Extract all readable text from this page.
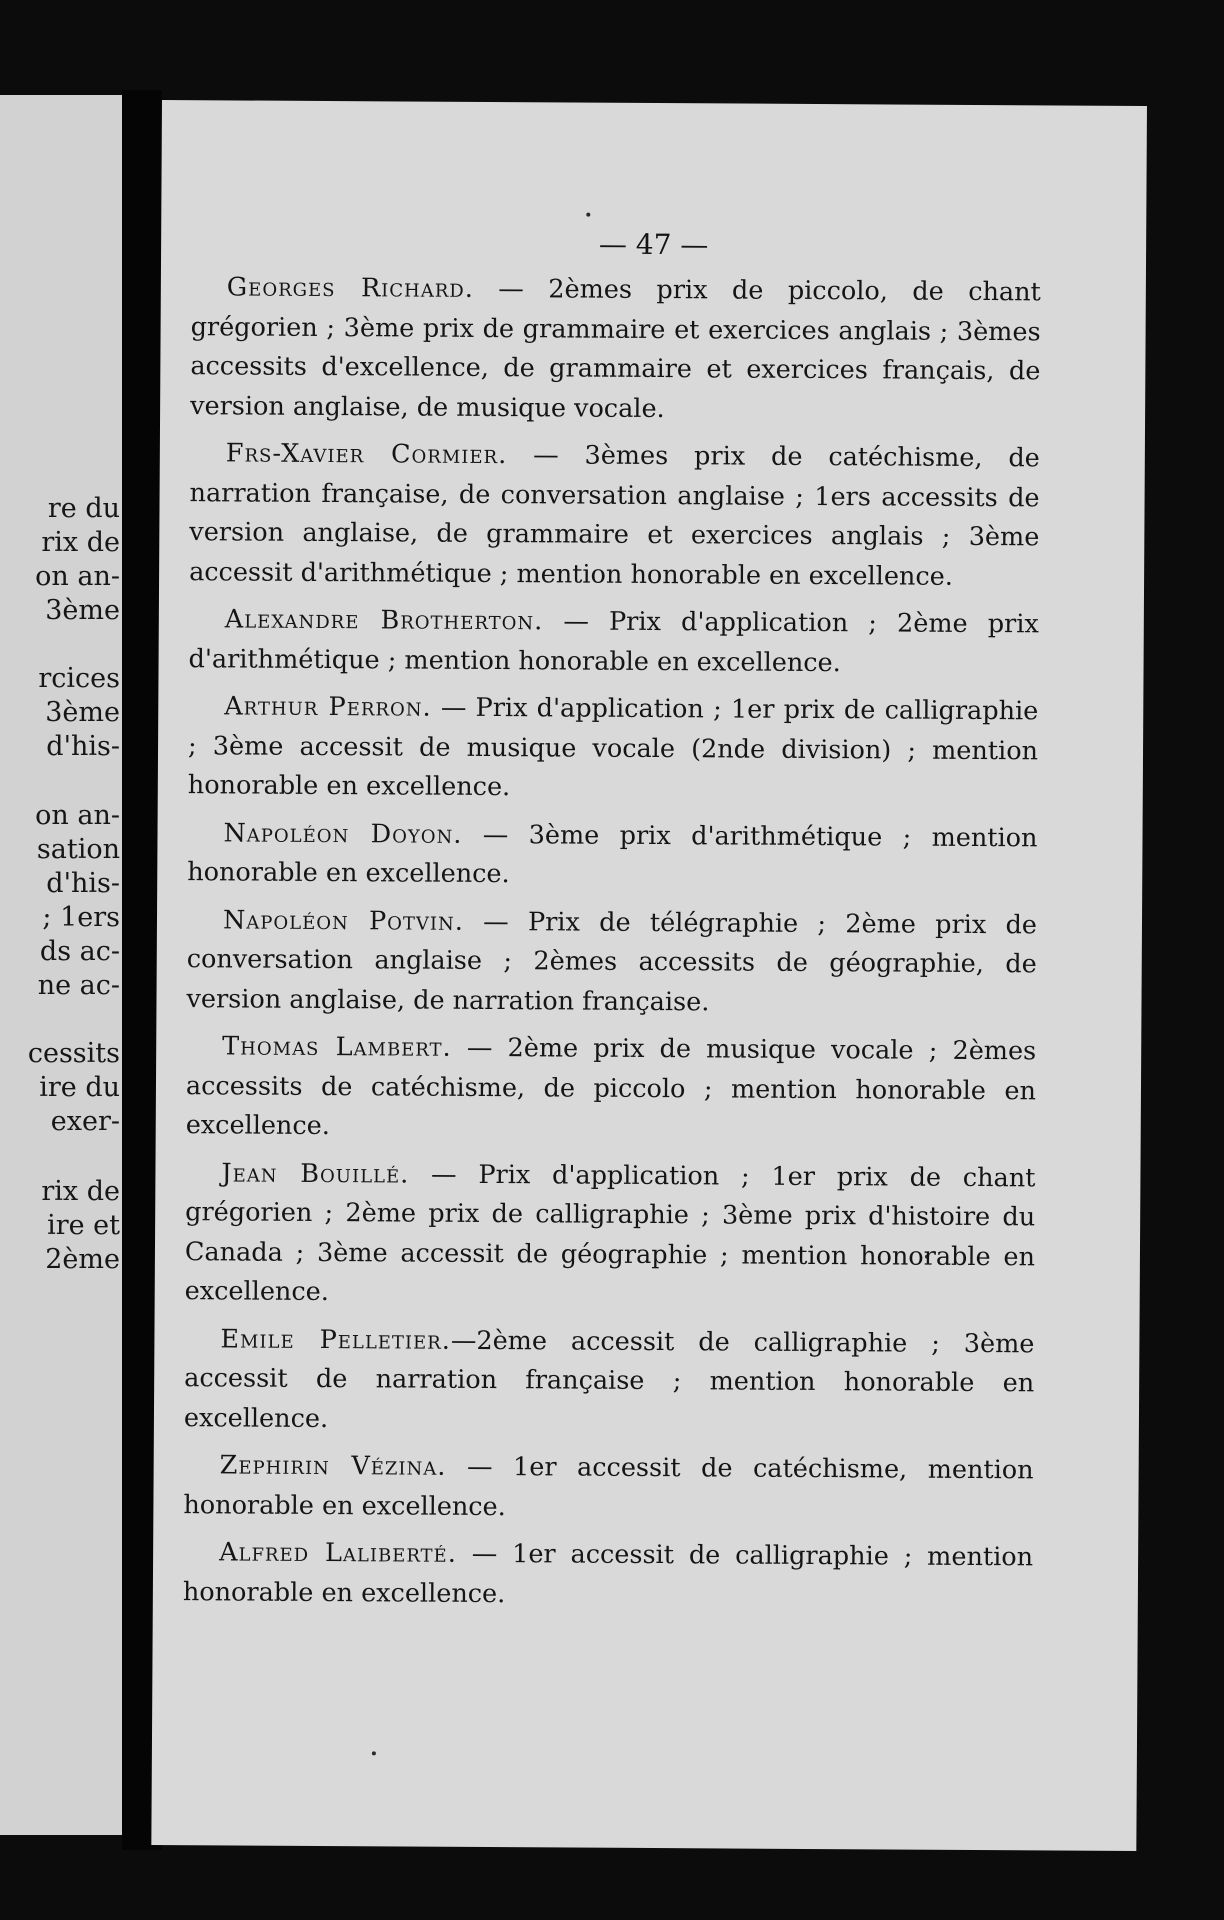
re du
rix de
on an-
3ème
rcices
3ème
d'his-
on an-
sation
d'his-
; 1ers
ds ac-
ne ac-
cessits
ire du
exer-
rix de
ire et
2ème
— 47 —

Georges Richard. — 2èmes prix de piccolo, de chant grégorien ; 3ème prix de grammaire et exercices anglais ; 3èmes accessits d'excellence, de grammaire et exercices français, de version anglaise, de musique vocale.

Frs-Xavier Cormier. — 3èmes prix de catéchisme, de narration française, de conversation anglaise ; 1ers accessits de version anglaise, de grammaire et exercices anglais ; 3ème accessit d'arithmétique ; mention honorable en excellence.

Alexandre Brotherton. — Prix d'application ; 2ème prix d'arithmétique ; mention honorable en excellence.

Arthur Perron. — Prix d'application ; 1er prix de calligraphie ; 3ème accessit de musique vocale (2nde division) ; mention honorable en excellence.

Napoléon Doyon. — 3ème prix d'arithmétique ; mention honorable en excellence.

Napoléon Potvin. — Prix de télégraphie ; 2ème prix de conversation anglaise ; 2èmes accessits de géographie, de version anglaise, de narration française.

Thomas Lambert. — 2ème prix de musique vocale ; 2èmes accessits de catéchisme, de piccolo ; mention honorable en excellence.

Jean Bouillé. — Prix d'application ; 1er prix de chant grégorien ; 2ème prix de calligraphie ; 3ème prix d'histoire du Canada ; 3ème accessit de géographie ; mention honorable en excellence.

Emile Pelletier.—2ème accessit de calligraphie ; 3ème accessit de narration française ; mention honorable en excellence.

Zephirin Vézina. — 1er accessit de catéchisme, mention honorable en excellence.

Alfred Laliberté. — 1er accessit de calligraphie ; mention honorable en excellence.
